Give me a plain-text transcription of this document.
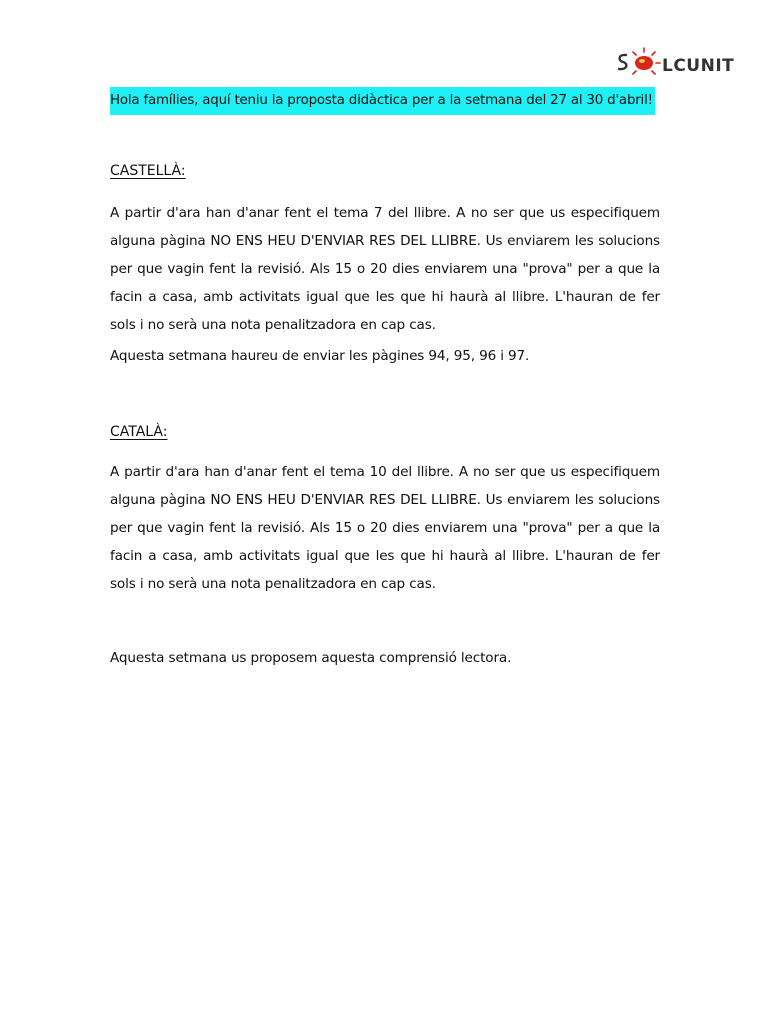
LCUNIT
Hola famílies, aquí teniu la proposta didàctica per a la setmana del 27 al 30 d'abril!
CASTELLÀ:

A partir d'ara han d'anar fent el tema 7 del llibre. A no ser que us especifiquem alguna pàgina NO ENS HEU D'ENVIAR RES DEL LLIBRE. Us enviarem les solucions per que vagin fent la revisió. Als 15 o 20 dies enviarem una "prova" per a que la facin a casa, amb activitats igual que les que hi haurà al llibre. L'hauran de fer sols i no serà una nota penalitzadora en cap cas.

Aquesta setmana haureu de enviar les pàgines 94, 95, 96 i 97.

CATALÀ:

A partir d'ara han d'anar fent el tema 10 del llibre. A no ser que us especifiquem alguna pàgina NO ENS HEU D'ENVIAR RES DEL LLIBRE. Us enviarem les solucions per que vagin fent la revisió. Als 15 o 20 dies enviarem una "prova" per a que la facin a casa, amb activitats igual que les que hi haurà al llibre. L'hauran de fer sols i no serà una nota penalitzadora en cap cas.

Aquesta setmana us proposem aquesta comprensió lectora.
